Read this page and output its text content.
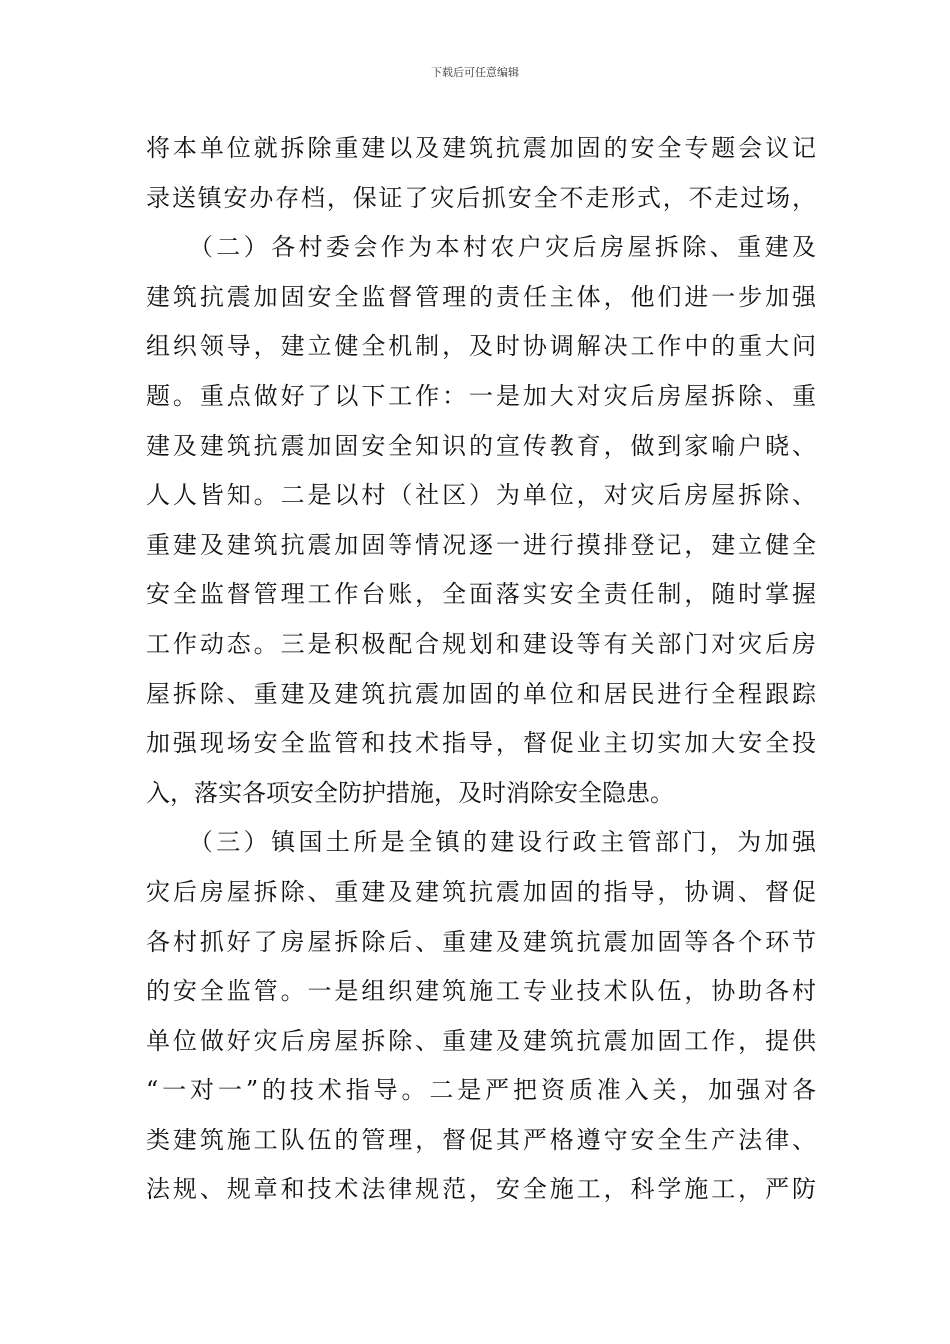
下载后可任意编辑
将本单位就拆除重建以及建筑抗震加固的安全专题会议记
录送镇安办存档，保证了灾后抓安全不走形式，不走过场，
　　（二）各村委会作为本村农户灾后房屋拆除、重建及
建筑抗震加固安全监督管理的责任主体，他们进一步加强
组织领导，建立健全机制，及时协调解决工作中的重大问
题。重点做好了以下工作：一是加大对灾后房屋拆除、重
建及建筑抗震加固安全知识的宣传教育，做到家喻户晓、
人人皆知。二是以村（社区）为单位，对灾后房屋拆除、
重建及建筑抗震加固等情况逐一进行摸排登记，建立健全
安全监督管理工作台账，全面落实安全责任制，随时掌握
工作动态。三是积极配合规划和建设等有关部门对灾后房
屋拆除、重建及建筑抗震加固的单位和居民进行全程跟踪
加强现场安全监管和技术指导，督促业主切实加大安全投
入，落实各项安全防护措施，及时消除安全隐患。
　　（三）镇国土所是全镇的建设行政主管部门，为加强
灾后房屋拆除、重建及建筑抗震加固的指导，协调、督促
各村抓好了房屋拆除后、重建及建筑抗震加固等各个环节
的安全监管。一是组织建筑施工专业技术队伍，协助各村
单位做好灾后房屋拆除、重建及建筑抗震加固工作，提供
“一对一”的技术指导。二是严把资质准入关，加强对各
类建筑施工队伍的管理，督促其严格遵守安全生产法律、
法规、规章和技术法律规范，安全施工，科学施工，严防
